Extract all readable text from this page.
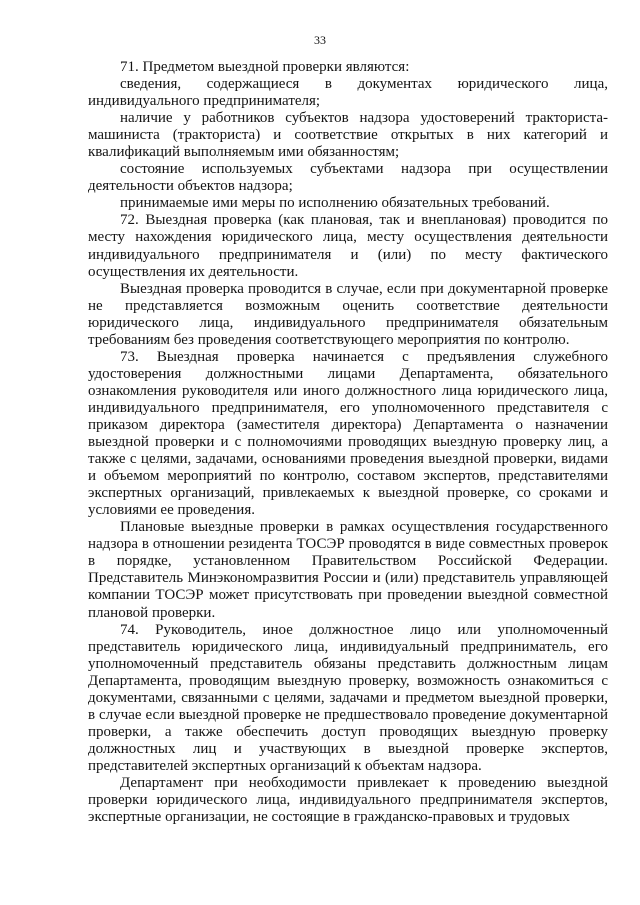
33

71. Предметом выездной проверки являются:

сведения, содержащиеся в документах юридического лица, индивидуального предпринимателя;

наличие у работников субъектов надзора удостоверений тракториста-машиниста (тракториста) и соответствие открытых в них категорий и квалификаций выполняемым ими обязанностям;

состояние используемых субъектами надзора при осуществлении деятельности объектов надзора;

принимаемые ими меры по исполнению обязательных требований.

72. Выездная проверка (как плановая, так и внеплановая) проводится по месту нахождения юридического лица, месту осуществления деятельности индивидуального предпринимателя и (или) по месту фактического осуществления их деятельности.

Выездная проверка проводится в случае, если при документарной проверке не представляется возможным оценить соответствие деятельности юридического лица, индивидуального предпринимателя обязательным требованиям без проведения соответствующего мероприятия по контролю.

73. Выездная проверка начинается с предъявления служебного удостоверения должностными лицами Департамента, обязательного ознакомления руководителя или иного должностного лица юридического лица, индивидуального предпринимателя, его уполномоченного представителя с приказом директора (заместителя директора) Департамента о назначении выездной проверки и с полномочиями проводящих выездную проверку лиц, а также с целями, задачами, основаниями проведения выездной проверки, видами и объемом мероприятий по контролю, составом экспертов, представителями экспертных организаций, привлекаемых к выездной проверке, со сроками и условиями ее проведения.

Плановые выездные проверки в рамках осуществления государственного надзора в отношении резидента ТОСЭР проводятся в виде совместных проверок в порядке, установленном Правительством Российской Федерации. Представитель Минэкономразвития России и (или) представитель управляющей компании ТОСЭР может присутствовать при проведении выездной совместной плановой проверки.

74. Руководитель, иное должностное лицо или уполномоченный представитель юридического лица, индивидуальный предприниматель, его уполномоченный представитель обязаны представить должностным лицам Департамента, проводящим выездную проверку, возможность ознакомиться с документами, связанными с целями, задачами и предметом выездной проверки, в случае если выездной проверке не предшествовало проведение документарной проверки, а также обеспечить доступ проводящих выездную проверку должностных лиц и участвующих в выездной проверке экспертов, представителей экспертных организаций к объектам надзора.

Департамент при необходимости привлекает к проведению выездной проверки юридического лица, индивидуального предпринимателя экспертов, экспертные организации, не состоящие в гражданско-правовых и трудовых
